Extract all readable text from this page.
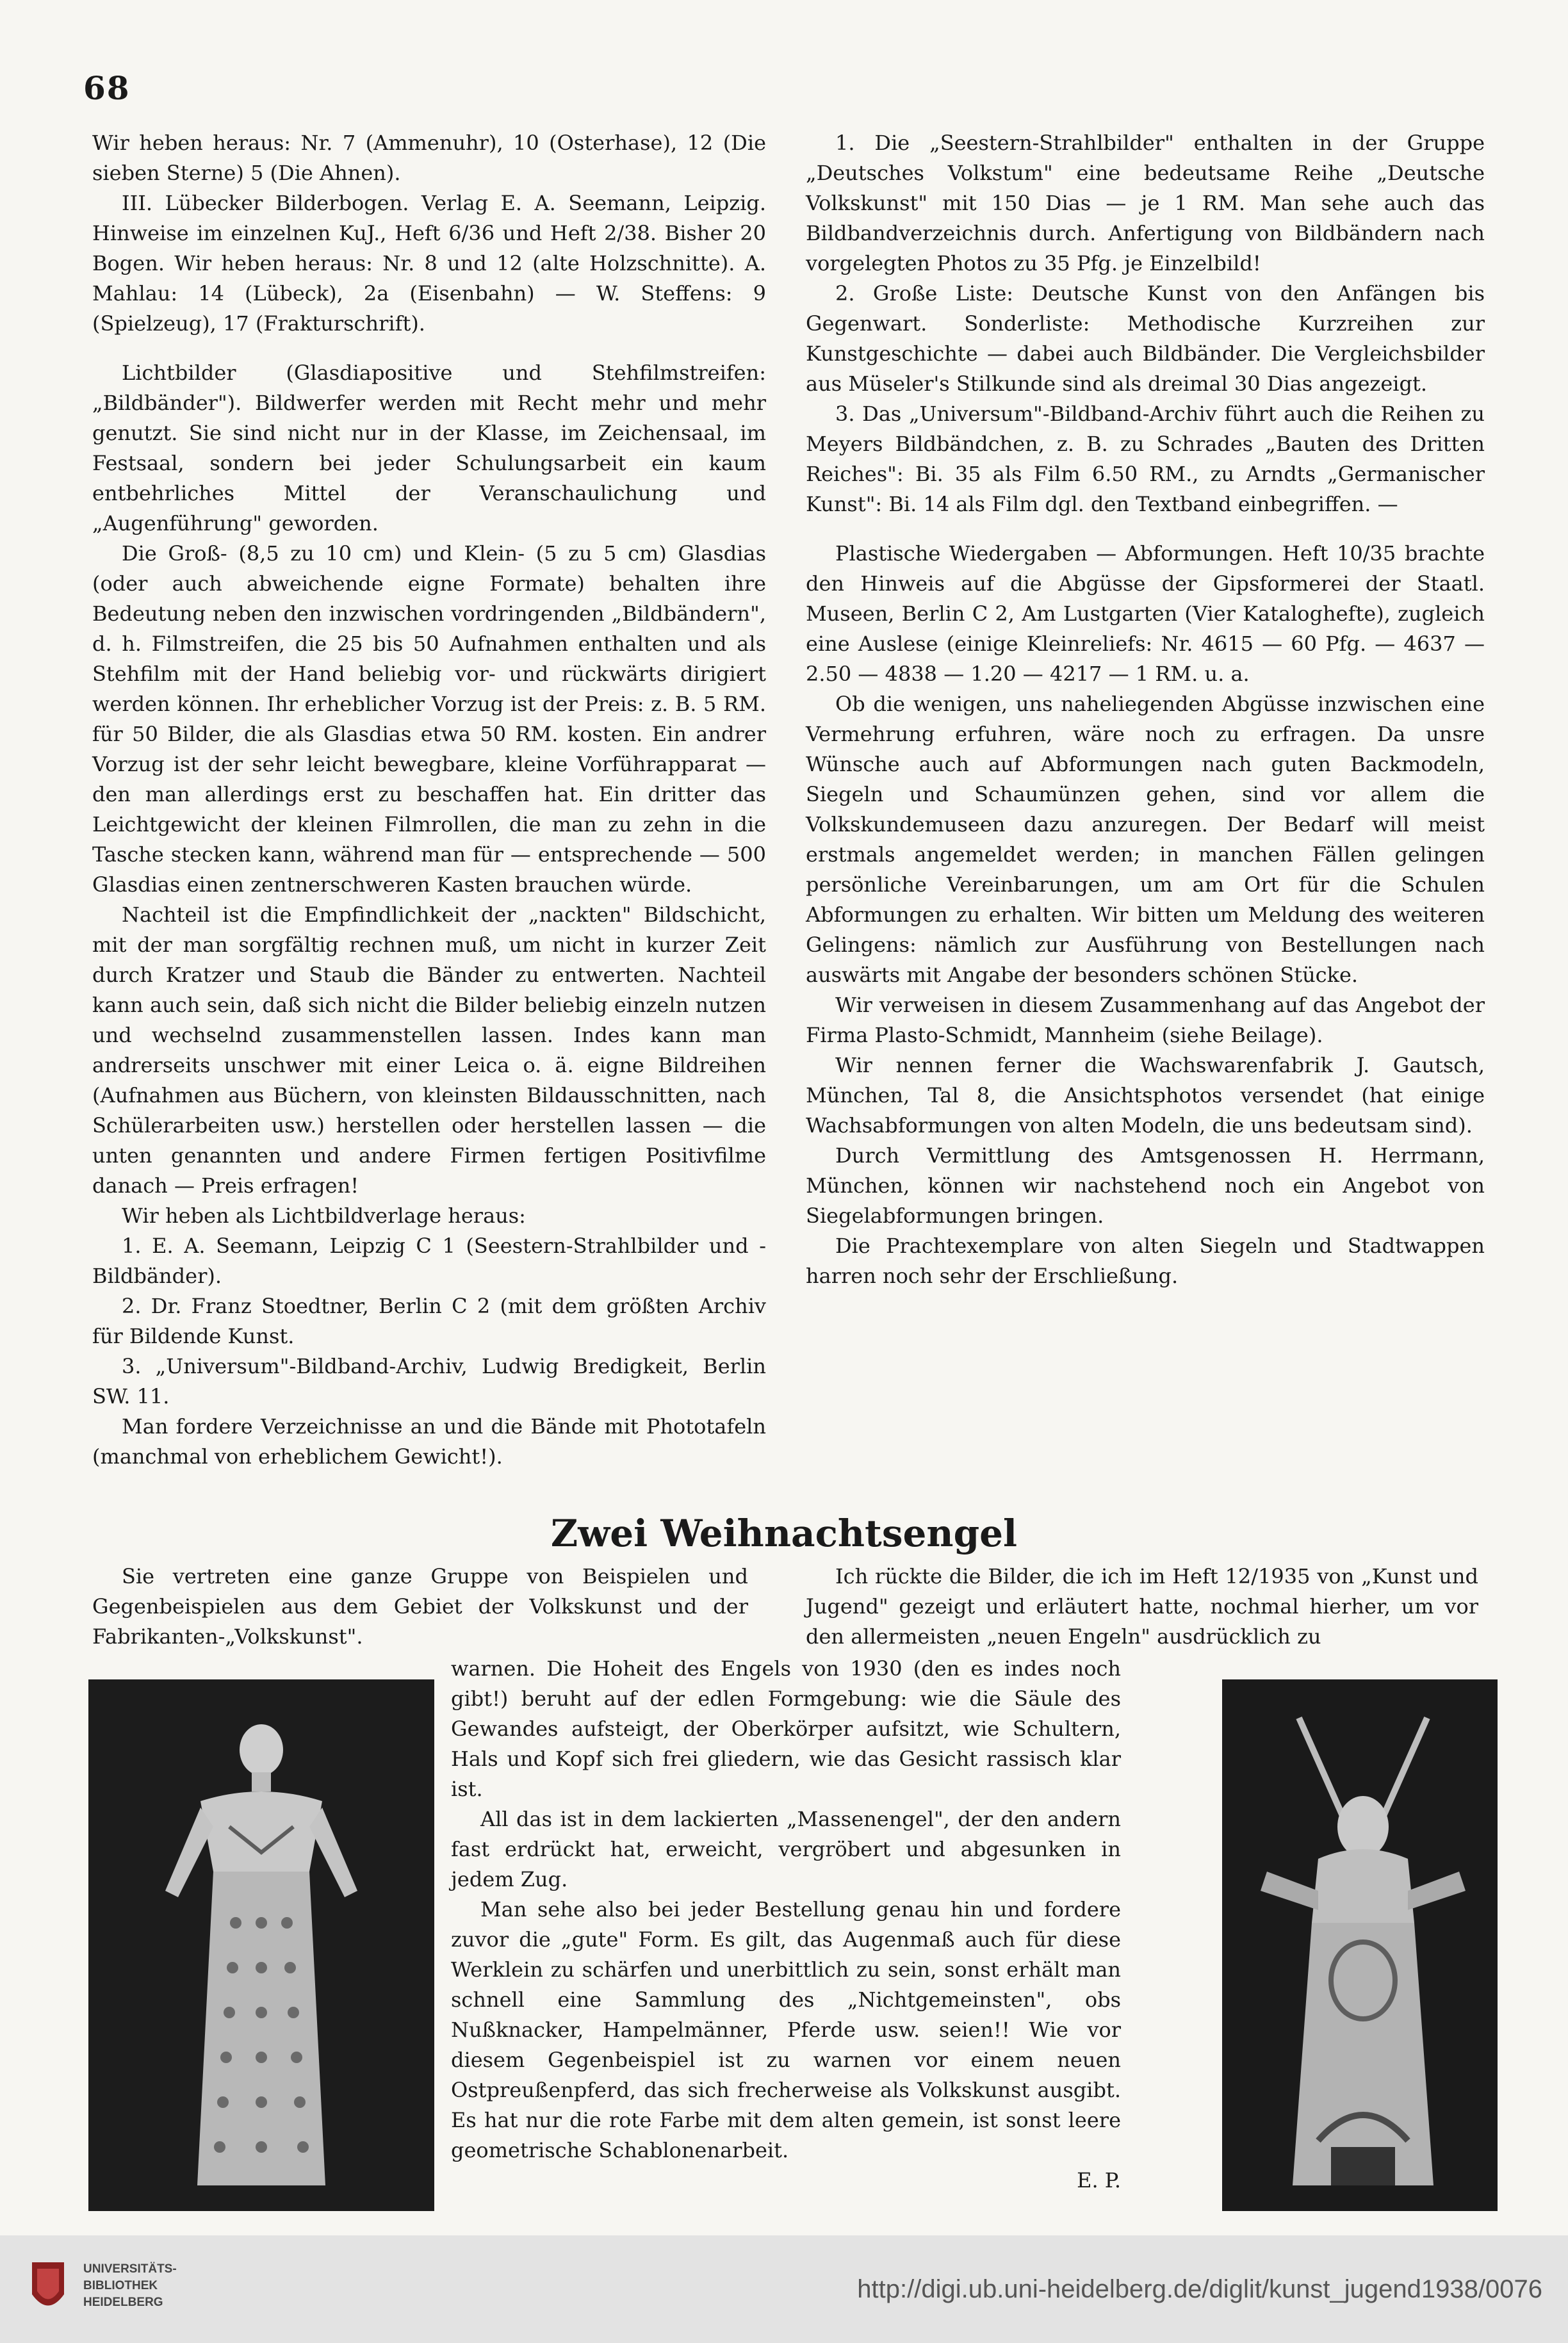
68

Wir heben heraus: Nr. 7 (Ammenuhr), 10 (Osterhase), 12 (Die sieben Sterne) 5 (Die Ahnen).

III. Lübecker Bilderbogen. Verlag E. A. Seemann, Leipzig. Hinweise im einzelnen KuJ., Heft 6/36 und Heft 2/38. Bisher 20 Bogen. Wir heben heraus: Nr. 8 und 12 (alte Holzschnitte). A. Mahlau: 14 (Lübeck), 2a (Eisenbahn) — W. Steffens: 9 (Spielzeug), 17 (Frakturschrift).

Lichtbilder (Glasdiapositive und Stehfilmstreifen: „Bildbänder"). Bildwerfer werden mit Recht mehr und mehr genutzt. Sie sind nicht nur in der Klasse, im Zeichensaal, im Festsaal, sondern bei jeder Schulungsarbeit ein kaum entbehrliches Mittel der Veranschaulichung und „Augenführung" geworden.

Die Groß- (8,5 zu 10 cm) und Klein- (5 zu 5 cm) Glasdias (oder auch abweichende eigne Formate) behalten ihre Bedeutung neben den inzwischen vordringenden „Bildbändern", d. h. Filmstreifen, die 25 bis 50 Aufnahmen enthalten und als Stehfilm mit der Hand beliebig vor- und rückwärts dirigiert werden können. Ihr erheblicher Vorzug ist der Preis: z. B. 5 RM. für 50 Bilder, die als Glasdias etwa 50 RM. kosten. Ein andrer Vorzug ist der sehr leicht bewegbare, kleine Vorführapparat — den man allerdings erst zu beschaffen hat. Ein dritter das Leichtgewicht der kleinen Filmrollen, die man zu zehn in die Tasche stecken kann, während man für — entsprechende — 500 Glasdias einen zentnerschweren Kasten brauchen würde.

Nachteil ist die Empfindlichkeit der „nackten" Bildschicht, mit der man sorgfältig rechnen muß, um nicht in kurzer Zeit durch Kratzer und Staub die Bänder zu entwerten. Nachteil kann auch sein, daß sich nicht die Bilder beliebig einzeln nutzen und wechselnd zusammenstellen lassen. Indes kann man andrerseits unschwer mit einer Leica o. ä. eigne Bildreihen (Aufnahmen aus Büchern, von kleinsten Bildausschnitten, nach Schülerarbeiten usw.) herstellen oder herstellen lassen — die unten genannten und andere Firmen fertigen Positivfilme danach — Preis erfragen!

Wir heben als Lichtbildverlage heraus:

1. E. A. Seemann, Leipzig C 1 (Seestern-Strahlbilder und -Bildbänder).

2. Dr. Franz Stoedtner, Berlin C 2 (mit dem größten Archiv für Bildende Kunst.

3. „Universum"-Bildband-Archiv, Ludwig Bredigkeit, Berlin SW. 11.

Man fordere Verzeichnisse an und die Bände mit Phototafeln (manchmal von erheblichem Gewicht!).

1. Die „Seestern-Strahlbilder" enthalten in der Gruppe „Deutsches Volkstum" eine bedeutsame Reihe „Deutsche Volkskunst" mit 150 Dias — je 1 RM. Man sehe auch das Bildbandverzeichnis durch. Anfertigung von Bildbändern nach vorgelegten Photos zu 35 Pfg. je Einzelbild!

2. Große Liste: Deutsche Kunst von den Anfängen bis Gegenwart. Sonderliste: Methodische Kurzreihen zur Kunstgeschichte — dabei auch Bildbänder. Die Vergleichsbilder aus Müseler's Stilkunde sind als dreimal 30 Dias angezeigt.

3. Das „Universum"-Bildband-Archiv führt auch die Reihen zu Meyers Bildbändchen, z. B. zu Schrades „Bauten des Dritten Reiches": Bi. 35 als Film 6.50 RM., zu Arndts „Germanischer Kunst": Bi. 14 als Film dgl. den Textband einbegriffen. —

Plastische Wiedergaben — Abformungen. Heft 10/35 brachte den Hinweis auf die Abgüsse der Gipsformerei der Staatl. Museen, Berlin C 2, Am Lustgarten (Vier Kataloghefte), zugleich eine Auslese (einige Kleinreliefs: Nr. 4615 — 60 Pfg. — 4637 — 2.50 — 4838 — 1.20 — 4217 — 1 RM. u. a.

Ob die wenigen, uns naheliegenden Abgüsse inzwischen eine Vermehrung erfuhren, wäre noch zu erfragen. Da unsre Wünsche auch auf Abformungen nach guten Backmodeln, Siegeln und Schaumünzen gehen, sind vor allem die Volkskundemuseen dazu anzuregen. Der Bedarf will meist erstmals angemeldet werden; in manchen Fällen gelingen persönliche Vereinbarungen, um am Ort für die Schulen Abformungen zu erhalten. Wir bitten um Meldung des weiteren Gelingens: nämlich zur Ausführung von Bestellungen nach auswärts mit Angabe der besonders schönen Stücke.

Wir verweisen in diesem Zusammenhang auf das Angebot der Firma Plasto-Schmidt, Mannheim (siehe Beilage).

Wir nennen ferner die Wachswarenfabrik J. Gautsch, München, Tal 8, die Ansichtsphotos versendet (hat einige Wachsabformungen von alten Modeln, die uns bedeutsam sind).

Durch Vermittlung des Amtsgenossen H. Herrmann, München, können wir nachstehend noch ein Angebot von Siegelabformungen bringen.

Die Prachtexemplare von alten Siegeln und Stadtwappen harren noch sehr der Erschließung.

Zwei Weihnachtsengel

Sie vertreten eine ganze Gruppe von Beispielen und Gegenbeispielen aus dem Gebiet der Volkskunst und der Fabrikanten-„Volkskunst".

Ich rückte die Bilder, die ich im Heft 12/1935 von „Kunst und Jugend" gezeigt und erläutert hatte, nochmal hierher, um vor den allermeisten „neuen Engeln" ausdrücklich zu

warnen. Die Hoheit des Engels von 1930 (den es indes noch gibt!) beruht auf der edlen Formgebung: wie die Säule des Gewandes aufsteigt, der Oberkörper aufsitzt, wie Schultern, Hals und Kopf sich frei gliedern, wie das Gesicht rassisch klar ist.

All das ist in dem lackierten „Massenengel", der den andern fast erdrückt hat, erweicht, vergröbert und abgesunken in jedem Zug.

Man sehe also bei jeder Bestellung genau hin und fordere zuvor die „gute" Form. Es gilt, das Augenmaß auch für diese Werklein zu schärfen und unerbittlich zu sein, sonst erhält man schnell eine Sammlung des „Nichtgemeinsten", obs Nußknacker, Hampelmänner, Pferde usw. seien!! Wie vor diesem Gegenbeispiel ist zu warnen vor einem neuen Ostpreußenpferd, das sich frecherweise als Volkskunst ausgibt. Es hat nur die rote Farbe mit dem alten gemein, ist sonst leere geometrische Schablonenarbeit.

E. P.

UNIVERSITÄTS-
BIBLIOTHEK
HEIDELBERG	http://digi.ub.uni-heidelberg.de/diglit/kunst_jugend1938/0076
